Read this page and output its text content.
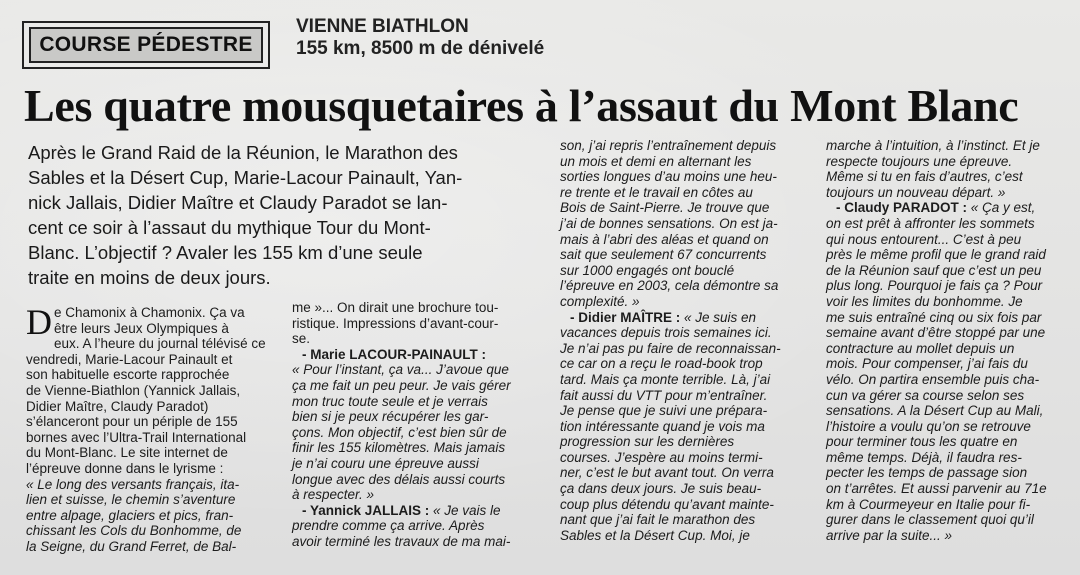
COURSE PÉDESTRE
VIENNE BIATHLON
155 km, 8500 m de dénivelé
Les quatre mousquetaires à l’assaut du Mont Blanc
Après le Grand Raid de la Réunion, le Marathon des
Sables et la Désert Cup, Marie-Lacour Painault, Yan-
nick Jallais, Didier Maître et Claudy Paradot se lan-
cent ce soir à l’assaut du mythique Tour du Mont-
Blanc. L’objectif ? Avaler les 155 km d’une seule
traite en moins de deux jours.
De Chamonix à Chamonix. Ça va
être leurs Jeux Olympiques à
eux. A l’heure du journal télévisé ce
vendredi, Marie-Lacour Painault et
son habituelle escorte rapprochée
de Vienne-Biathlon (Yannick Jallais,
Didier Maître, Claudy Paradot)
s’élanceront pour un périple de 155
bornes avec l’Ultra-Trail International
du Mont-Blanc. Le site internet de
l’épreuve donne dans le lyrisme :
« Le long des versants français, ita-
lien et suisse, le chemin s’aventure
entre alpage, glaciers et pics, fran-
chissant les Cols du Bonhomme, de
la Seigne, du Grand Ferret, de Bal-
me »... On dirait une brochure tou-
ristique. Impressions d’avant-cour-
se.
- Marie LACOUR-PAINAULT :
« Pour l’instant, ça va... J’avoue que
ça me fait un peu peur. Je vais gérer
mon truc toute seule et je verrais
bien si je peux récupérer les gar-
çons. Mon objectif, c’est bien sûr de
finir les 155 kilomètres. Mais jamais
je n’ai couru une épreuve aussi
longue avec des délais aussi courts
à respecter. »
- Yannick JALLAIS : « Je vais le
prendre comme ça arrive. Après
avoir terminé les travaux de ma mai-
son, j’ai repris l’entraînement depuis
un mois et demi en alternant les
sorties longues d’au moins une heu-
re trente et le travail en côtes au
Bois de Saint-Pierre. Je trouve que
j’ai de bonnes sensations. On est ja-
mais à l’abri des aléas et quand on
sait que seulement 67 concurrents
sur 1000 engagés ont bouclé
l’épreuve en 2003, cela démontre sa
complexité. »
- Didier MAÎTRE : « Je suis en
vacances depuis trois semaines ici.
Je n’ai pas pu faire de reconnaissan-
ce car on a reçu le road-book trop
tard. Mais ça monte terrible. Là, j’ai
fait aussi du VTT pour m’entraîner.
Je pense que je suivi une prépara-
tion intéressante quand je vois ma
progression sur les dernières
courses. J’espère au moins termi-
ner, c’est le but avant tout. On verra
ça dans deux jours. Je suis beau-
coup plus détendu qu’avant mainte-
nant que j’ai fait le marathon des
Sables et la Désert Cup. Moi, je
marche à l’intuition, à l’instinct. Et je
respecte toujours une épreuve.
Même si tu en fais d’autres, c’est
toujours un nouveau départ. »
- Claudy PARADOT : « Ça y est,
on est prêt à affronter les sommets
qui nous entourent... C’est à peu
près le même profil que le grand raid
de la Réunion sauf que c’est un peu
plus long. Pourquoi je fais ça ? Pour
voir les limites du bonhomme. Je
me suis entraîné cinq ou six fois par
semaine avant d’être stoppé par une
contracture au mollet depuis un
mois. Pour compenser, j’ai fais du
vélo. On partira ensemble puis cha-
cun va gérer sa course selon ses
sensations. A la Désert Cup au Mali,
l’histoire a voulu qu’on se retrouve
pour terminer tous les quatre en
même temps. Déjà, il faudra res-
pecter les temps de passage sion
on t’arrêtes. Et aussi parvenir au 71e
km à Courmeyeur en Italie pour fi-
gurer dans le classement quoi qu’il
arrive par la suite... »
